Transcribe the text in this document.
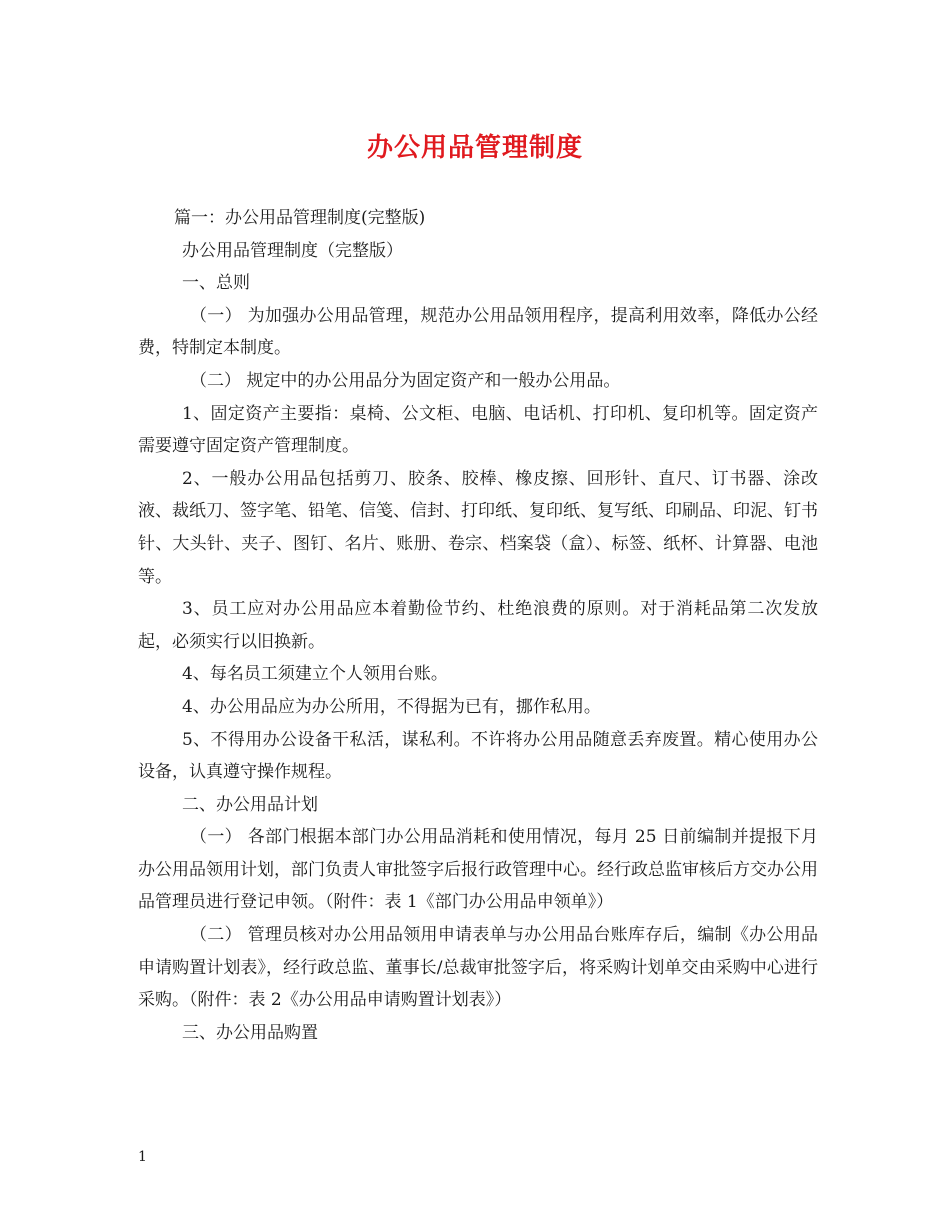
办公用品管理制度

篇一：办公用品管理制度(完整版)

办公用品管理制度（完整版）

一、总则

（一） 为加强办公用品管理，规范办公用品领用程序，提高利用效率，降低办公经费，特制定本制度。

（二） 规定中的办公用品分为固定资产和一般办公用品。

1、固定资产主要指：桌椅、公文柜、电脑、电话机、打印机、复印机等。固定资产需要遵守固定资产管理制度。

2、一般办公用品包括剪刀、胶条、胶棒、橡皮擦、回形针、直尺、订书器、涂改液、裁纸刀、签字笔、铅笔、信笺、信封、打印纸、复印纸、复写纸、印刷品、印泥、钉书针、大头针、夹子、图钉、名片、账册、卷宗、档案袋（盒）、标签、纸杯、计算器、电池等。

3、员工应对办公用品应本着勤俭节约、杜绝浪费的原则。对于消耗品第二次发放起，必须实行以旧换新。

4、每名员工须建立个人领用台账。

4、办公用品应为办公所用，不得据为已有，挪作私用。

5、不得用办公设备干私活，谋私利。不许将办公用品随意丢弃废置。精心使用办公设备，认真遵守操作规程。

二、办公用品计划

（一） 各部门根据本部门办公用品消耗和使用情况，每月 25 日前编制并提报下月办公用品领用计划，部门负责人审批签字后报行政管理中心。经行政总监审核后方交办公用品管理员进行登记申领。（附件：表 1《部门办公用品申领单》）

（二） 管理员核对办公用品领用申请表单与办公用品台账库存后，编制《办公用品申请购置计划表》，经行政总监、董事长/总裁审批签字后，将采购计划单交由采购中心进行采购。（附件：表 2《办公用品申请购置计划表》）

三、办公用品购置

1
